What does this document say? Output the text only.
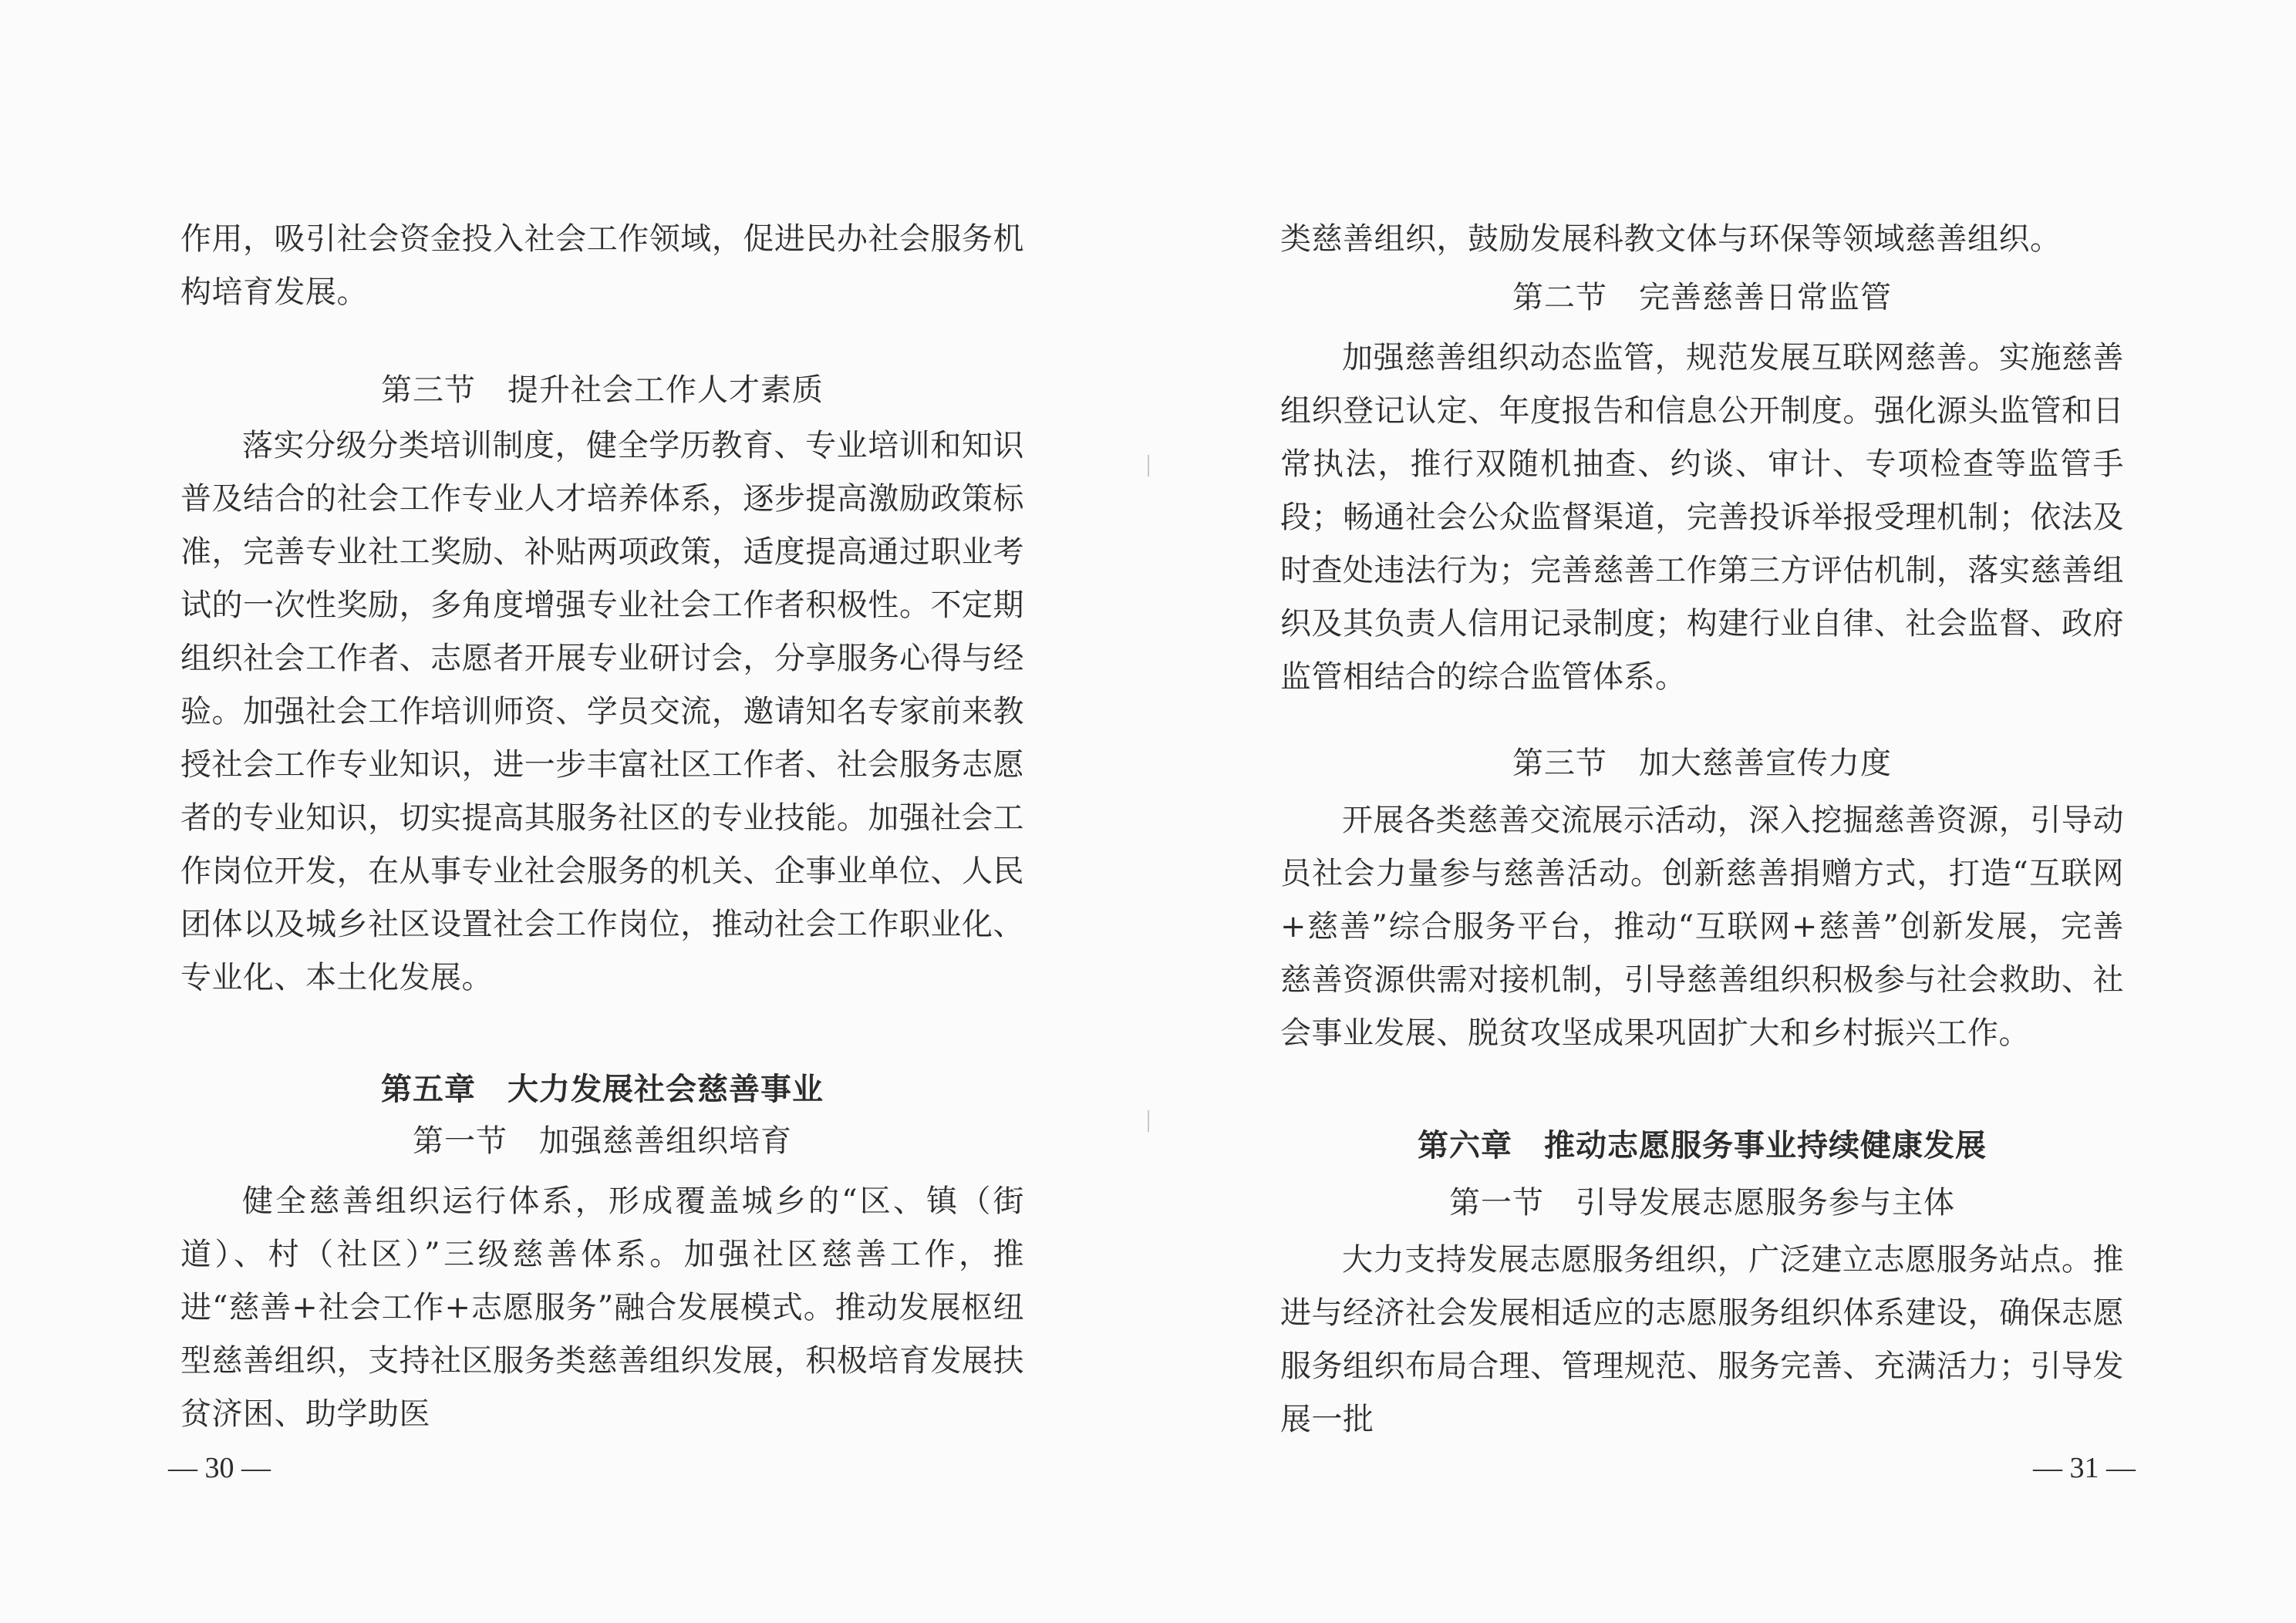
作用，吸引社会资金投入社会工作领域，促进民办社会服务机构培育发展。
第三节　提升社会工作人才素质
落实分级分类培训制度，健全学历教育、专业培训和知识普及结合的社会工作专业人才培养体系，逐步提高激励政策标准，完善专业社工奖励、补贴两项政策，适度提高通过职业考试的一次性奖励，多角度增强专业社会工作者积极性。不定期组织社会工作者、志愿者开展专业研讨会，分享服务心得与经验。加强社会工作培训师资、学员交流，邀请知名专家前来教授社会工作专业知识，进一步丰富社区工作者、社会服务志愿者的专业知识，切实提高其服务社区的专业技能。加强社会工作岗位开发，在从事专业社会服务的机关、企事业单位、人民团体以及城乡社区设置社会工作岗位，推动社会工作职业化、专业化、本土化发展。
第五章　大力发展社会慈善事业
第一节　加强慈善组织培育
健全慈善组织运行体系，形成覆盖城乡的“区、镇（街道）、村（社区）”三级慈善体系。加强社区慈善工作，推进“慈善+社会工作+志愿服务”融合发展模式。推动发展枢纽型慈善组织，支持社区服务类慈善组织发展，积极培育发展扶贫济困、助学助医
— 30 —
类慈善组织，鼓励发展科教文体与环保等领域慈善组织。
第二节　完善慈善日常监管
加强慈善组织动态监管，规范发展互联网慈善。实施慈善组织登记认定、年度报告和信息公开制度。强化源头监管和日常执法，推行双随机抽查、约谈、审计、专项检查等监管手段；畅通社会公众监督渠道，完善投诉举报受理机制；依法及时查处违法行为；完善慈善工作第三方评估机制，落实慈善组织及其负责人信用记录制度；构建行业自律、社会监督、政府监管相结合的综合监管体系。
第三节　加大慈善宣传力度
开展各类慈善交流展示活动，深入挖掘慈善资源，引导动员社会力量参与慈善活动。创新慈善捐赠方式，打造“互联网+慈善”综合服务平台，推动“互联网+慈善”创新发展，完善慈善资源供需对接机制，引导慈善组织积极参与社会救助、社会事业发展、脱贫攻坚成果巩固扩大和乡村振兴工作。
第六章　推动志愿服务事业持续健康发展
第一节　引导发展志愿服务参与主体
大力支持发展志愿服务组织，广泛建立志愿服务站点。推进与经济社会发展相适应的志愿服务组织体系建设，确保志愿服务组织布局合理、管理规范、服务完善、充满活力；引导发展一批
— 31 —
